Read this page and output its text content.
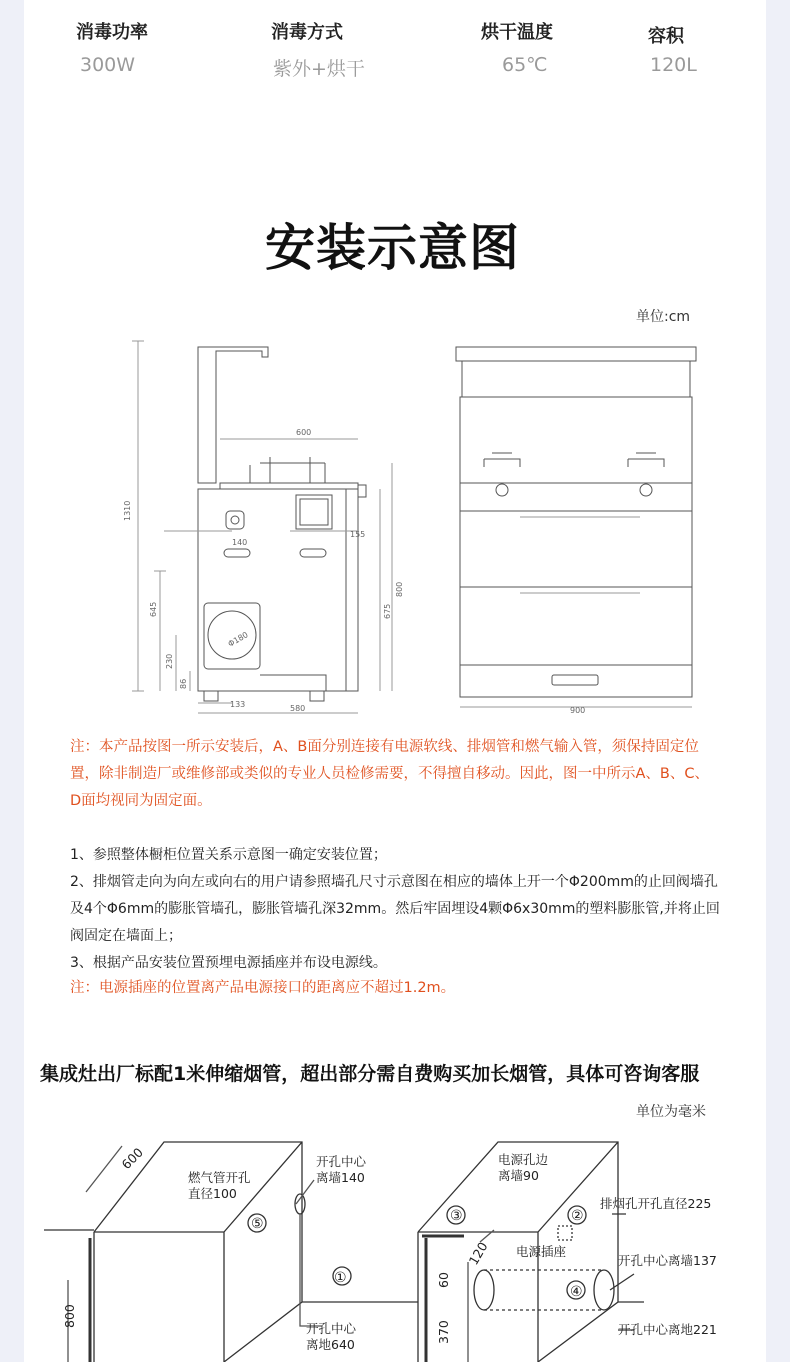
消毒功率
300W
消毒方式
紫外+烘干
烘干温度
65℃
容积
120L
安装示意图
单位:cm
600
1310
140
155
645
230
86
Φ180
133	580
675
800
900
注：本产品按图一所示安装后，A、B面分别连接有电源软线、排烟管和燃气输入管，须保持固定位置，除非制造厂或维修部或类似的专业人员检修需要，不得擅自移动。因此，图一中所示A、B、C、D面均视同为固定面。
1、参照整体橱柜位置关系示意图一确定安装位置；
2、排烟管走向为向左或向右的用户请参照墙孔尺寸示意图在相应的墙体上开一个Φ200mm的止回阀墙孔及4个Φ6mm的膨胀管墙孔，膨胀管墙孔深32mm。然后牢固埋设4颗Φ6x30mm的塑料膨胀管,并将止回阀固定在墙面上；
3、根据产品安装位置预埋电源插座并布设电源线。
注：电源插座的位置离产品电源接口的距离应不超过1.2m。
集成灶出厂标配1米伸缩烟管，超出部分需自费购买加长烟管，具体可咨询客服
单位为毫米
600
800
燃气管开孔
直径100
开孔中心
离墙140
开孔中心
离地640
⑤
①
电源孔边
离墙90
排烟孔开孔直径225
电源插座
开孔中心离墙137
开孔中心离地221
120
60
370
③	②
④
